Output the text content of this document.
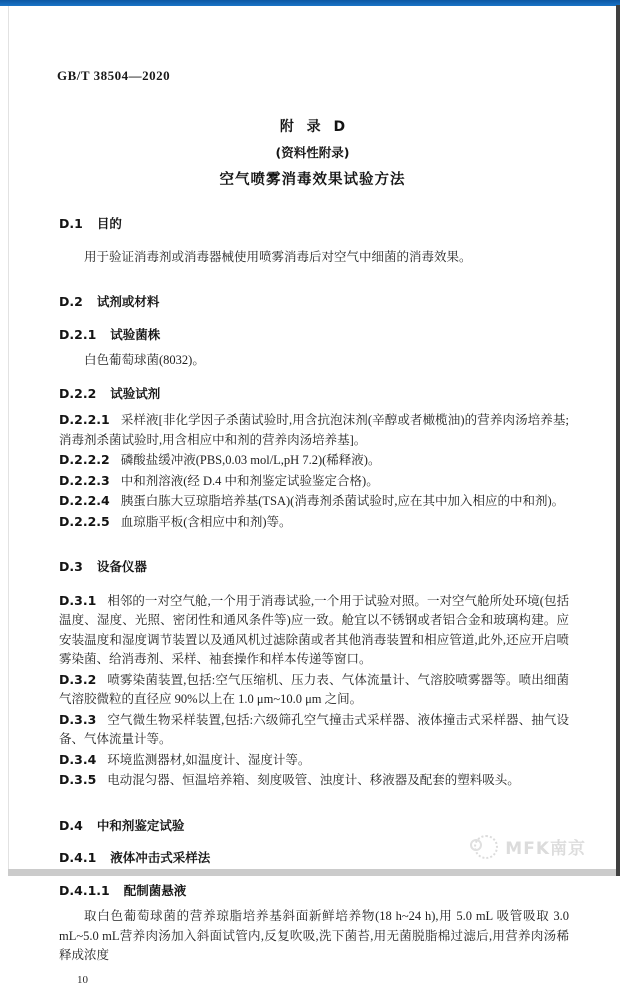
GB/T 38504—2020
附 录 D
(资料性附录)
空气喷雾消毒效果试验方法
D.1 目的

用于验证消毒剂或消毒器械使用喷雾消毒后对空气中细菌的消毒效果。

D.2 试剂或材料
D.2.1 试验菌株

白色葡萄球菌(8032)。

D.2.2 试验试剂

D.2.2.1 采样液[非化学因子杀菌试验时,用含抗泡沫剂(辛醇或者橄榄油)的营养肉汤培养基;消毒剂杀菌试验时,用含相应中和剂的营养肉汤培养基]。

D.2.2.2 磷酸盐缓冲液(PBS,0.03 mol/L,pH 7.2)(稀释液)。

D.2.2.3 中和剂溶液(经 D.4 中和剂鉴定试验鉴定合格)。

D.2.2.4 胰蛋白胨大豆琼脂培养基(TSA)(消毒剂杀菌试验时,应在其中加入相应的中和剂)。

D.2.2.5 血琼脂平板(含相应中和剂)等。

D.3 设备仪器

D.3.1 相邻的一对空气舱,一个用于消毒试验,一个用于试验对照。一对空气舱所处环境(包括温度、湿度、光照、密闭性和通风条件等)应一致。舱宜以不锈钢或者铝合金和玻璃构建。应安装温度和湿度调节装置以及通风机过滤除菌或者其他消毒装置和相应管道,此外,还应开启喷雾染菌、给消毒剂、采样、袖套操作和样本传递等窗口。

D.3.2 喷雾染菌装置,包括:空气压缩机、压力表、气体流量计、气溶胶喷雾器等。喷出细菌气溶胶微粒的直径应 90%以上在 1.0 μm~10.0 μm 之间。

D.3.3 空气微生物采样装置,包括:六级筛孔空气撞击式采样器、液体撞击式采样器、抽气设备、气体流量计等。

D.3.4 环境监测器材,如温度计、湿度计等。

D.3.5 电动混匀器、恒温培养箱、刻度吸管、浊度计、移液器及配套的塑料吸头。

D.4 中和剂鉴定试验
D.4.1 液体冲击式采样法
D.4.1.1 配制菌悬液

取白色葡萄球菌的营养琼脂培养基斜面新鲜培养物(18 h~24 h),用 5.0 mL 吸管吸取 3.0 mL~5.0 mL营养肉汤加入斜面试管内,反复吹吸,洗下菌苔,用无菌脱脂棉过滤后,用营养肉汤稀释成浓度

10
MFK南京
